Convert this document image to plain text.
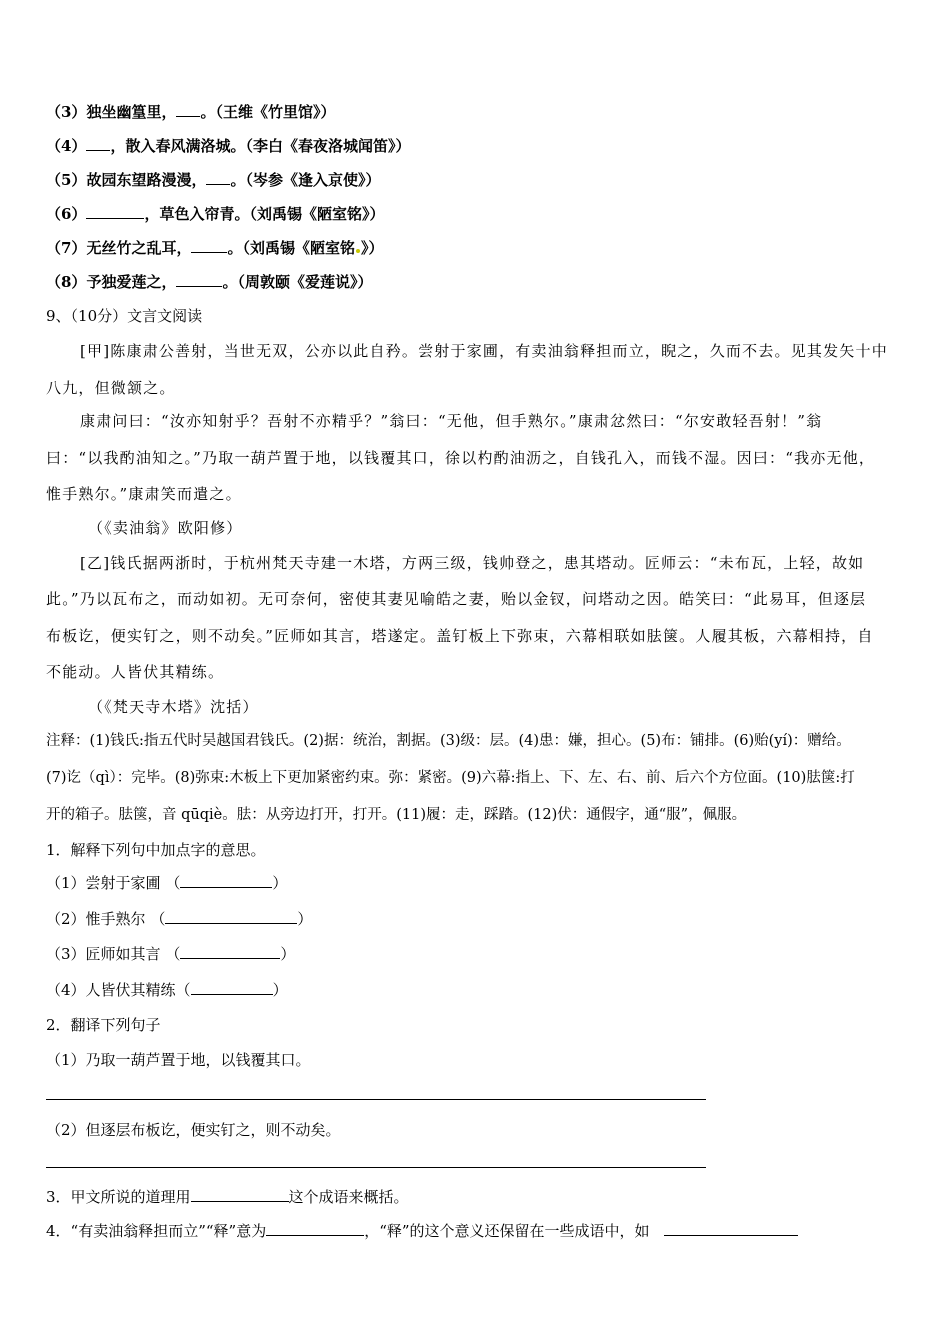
（3）独坐幽篁里， 。（王维《竹里馆》）
（4） ，散入春风满洛城。（李白《春夜洛城闻笛》）
（5）故园东望路漫漫， 。（岑参《逢入京使》）
（6）	，草色入帘青。（刘禹锡《陋室铭》）
（7）无丝竹之乱耳， 。（刘禹锡《陋室铭 》）
（8）予独爱莲之，	。（周敦颐《爱莲说》）
9、（10分）文言文阅读
[甲]陈康肃公善射，当世无双，公亦以此自矜。尝射于家圃，有卖油翁释担而立，睨之，久而不去。见其发矢十中
八九，但微颔之。
康肃问曰：“汝亦知射乎？吾射不亦精乎？”翁曰：“无他，但手熟尔。”康肃忿然曰：“尔安敢轻吾射！”翁
曰：“以我酌油知之。”乃取一葫芦置于地，以钱覆其口，徐以杓酌油沥之，自钱孔入，而钱不湿。因曰：“我亦无他，
惟手熟尔。”康肃笑而遣之。
（《卖油翁》欧阳修）
[乙]钱氏据两浙时，于杭州梵天寺建一木塔，方两三级，钱帅登之，患其塔动。匠师云：“未布瓦，上轻，故如
此。”乃以瓦布之，而动如初。无可奈何，密使其妻见喻皓之妻，贻以金钗，问塔动之因。皓笑曰：“此易耳，但逐层
布板讫，便实钉之，则不动矣。”匠师如其言，塔遂定。盖钉板上下弥束，六幕相联如胠箧。人履其板，六幕相持，自
不能动。人皆伏其精练。
（《梵天寺木塔》沈括）
注释：(1)钱氏:指五代时吴越国君钱氏。(2)据：统治，割据。(3)级：层。(4)患：嫌，担心。(5)布：铺排。(6)贻(yí)：赠给。
(7)讫（qì）：完毕。(8)弥束:木板上下更加紧密约束。弥：紧密。(9)六幕:指上、下、左、右、前、后六个方位面。(10)胠箧:打
开的箱子。胠箧，音 qūqiè。胠：从旁边打开，打开。(11)履：走，踩踏。(12)伏：通假字，通“服”，佩服。
1．解释下列句中加点字的意思。
（1）尝射于家圃 （	）
（2）惟手熟尔 （	）
（3）匠师如其言 （	）
（4）人皆伏其精练（	）
2．翻译下列句子
（1）乃取一葫芦置于地，以钱覆其口。
（2）但逐层布板讫，便实钉之，则不动矣。
3．甲文所说的道理用	这个成语来概括。
4．“有卖油翁释担而立”“释”意为	，“释”的这个意义还保留在一些成语中，如
